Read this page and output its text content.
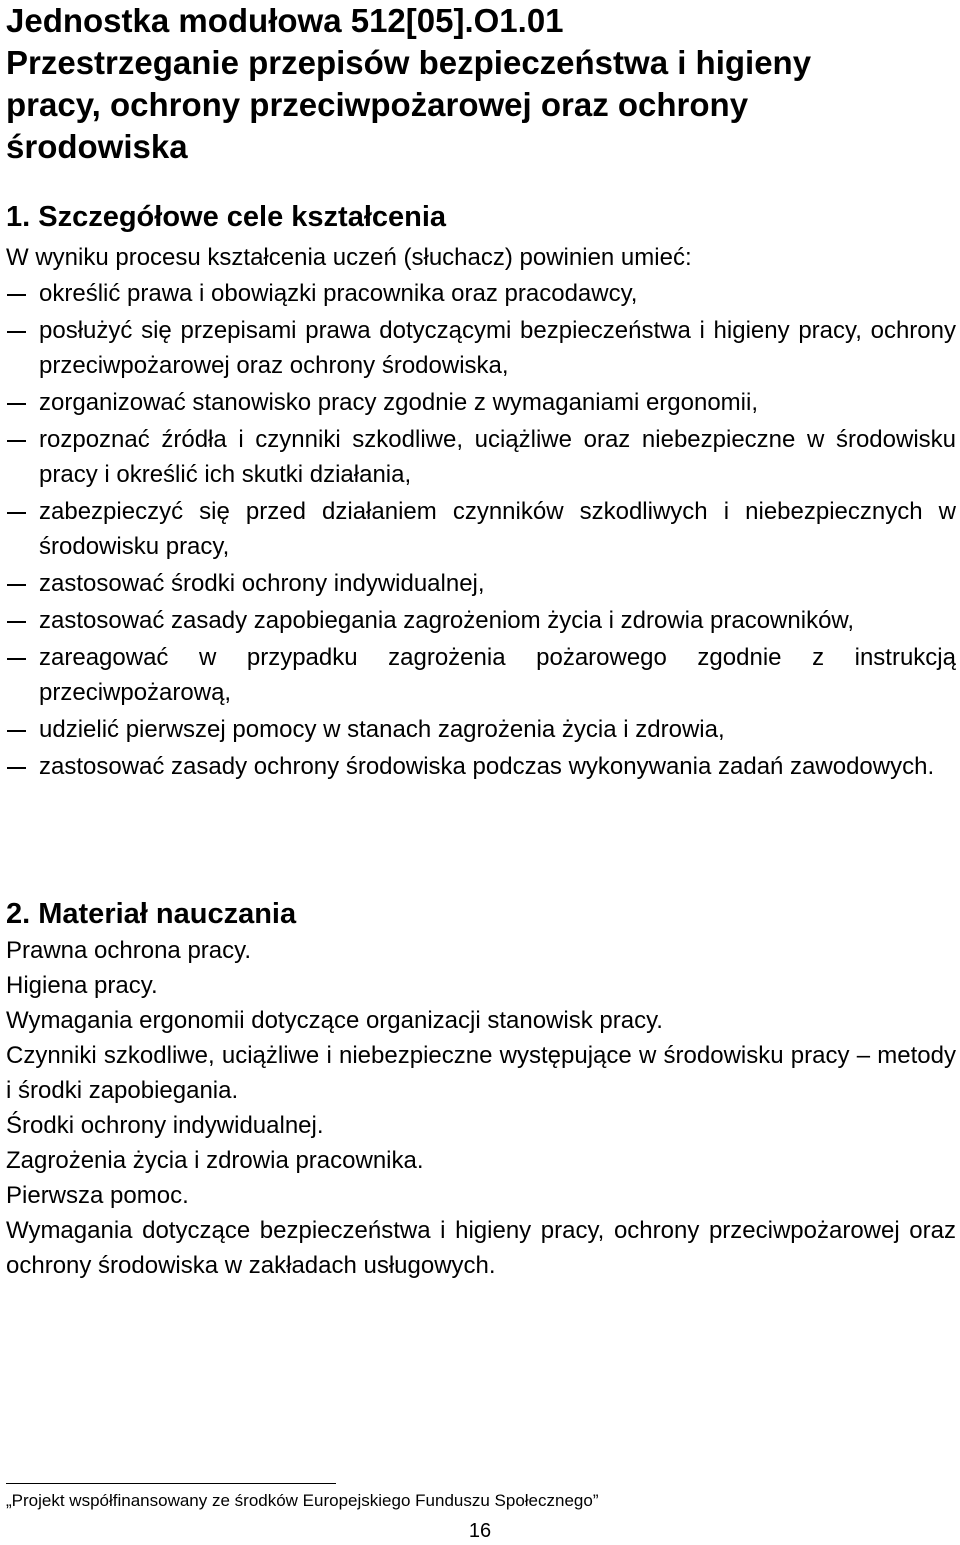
Jednostka modułowa 512[05].O1.01
Przestrzeganie przepisów bezpieczeństwa i higieny
pracy, ochrony przeciwpożarowej oraz ochrony
środowiska
1. Szczegółowe cele kształcenia
W wyniku procesu kształcenia uczeń (słuchacz) powinien umieć:
określić prawa i obowiązki pracownika oraz pracodawcy,
posłużyć się przepisami prawa dotyczącymi bezpieczeństwa i higieny pracy, ochrony przeciwpożarowej oraz ochrony środowiska,
zorganizować stanowisko pracy zgodnie z wymaganiami ergonomii,
rozpoznać źródła i czynniki szkodliwe, uciążliwe oraz niebezpieczne w środowisku pracy i określić ich skutki działania,
zabezpieczyć się przed działaniem czynników szkodliwych i niebezpiecznych w środowisku pracy,
zastosować środki ochrony indywidualnej,
zastosować zasady zapobiegania zagrożeniom życia i zdrowia pracowników,
zareagować w przypadku zagrożenia pożarowego zgodnie z instrukcją przeciwpożarową,
udzielić pierwszej pomocy w stanach zagrożenia życia i zdrowia,
zastosować zasady ochrony środowiska podczas wykonywania zadań zawodowych.
2. Materiał nauczania
Prawna ochrona pracy.
Higiena pracy.
Wymagania ergonomii dotyczące organizacji stanowisk pracy.
Czynniki szkodliwe, uciążliwe i niebezpieczne występujące w środowisku pracy – metody i środki zapobiegania.
Środki ochrony indywidualnej.
Zagrożenia życia i zdrowia pracownika.
Pierwsza pomoc.
Wymagania dotyczące bezpieczeństwa i higieny pracy, ochrony przeciwpożarowej oraz ochrony środowiska w zakładach usługowych.
„Projekt współfinansowany ze środków Europejskiego Funduszu Społecznego”
16
